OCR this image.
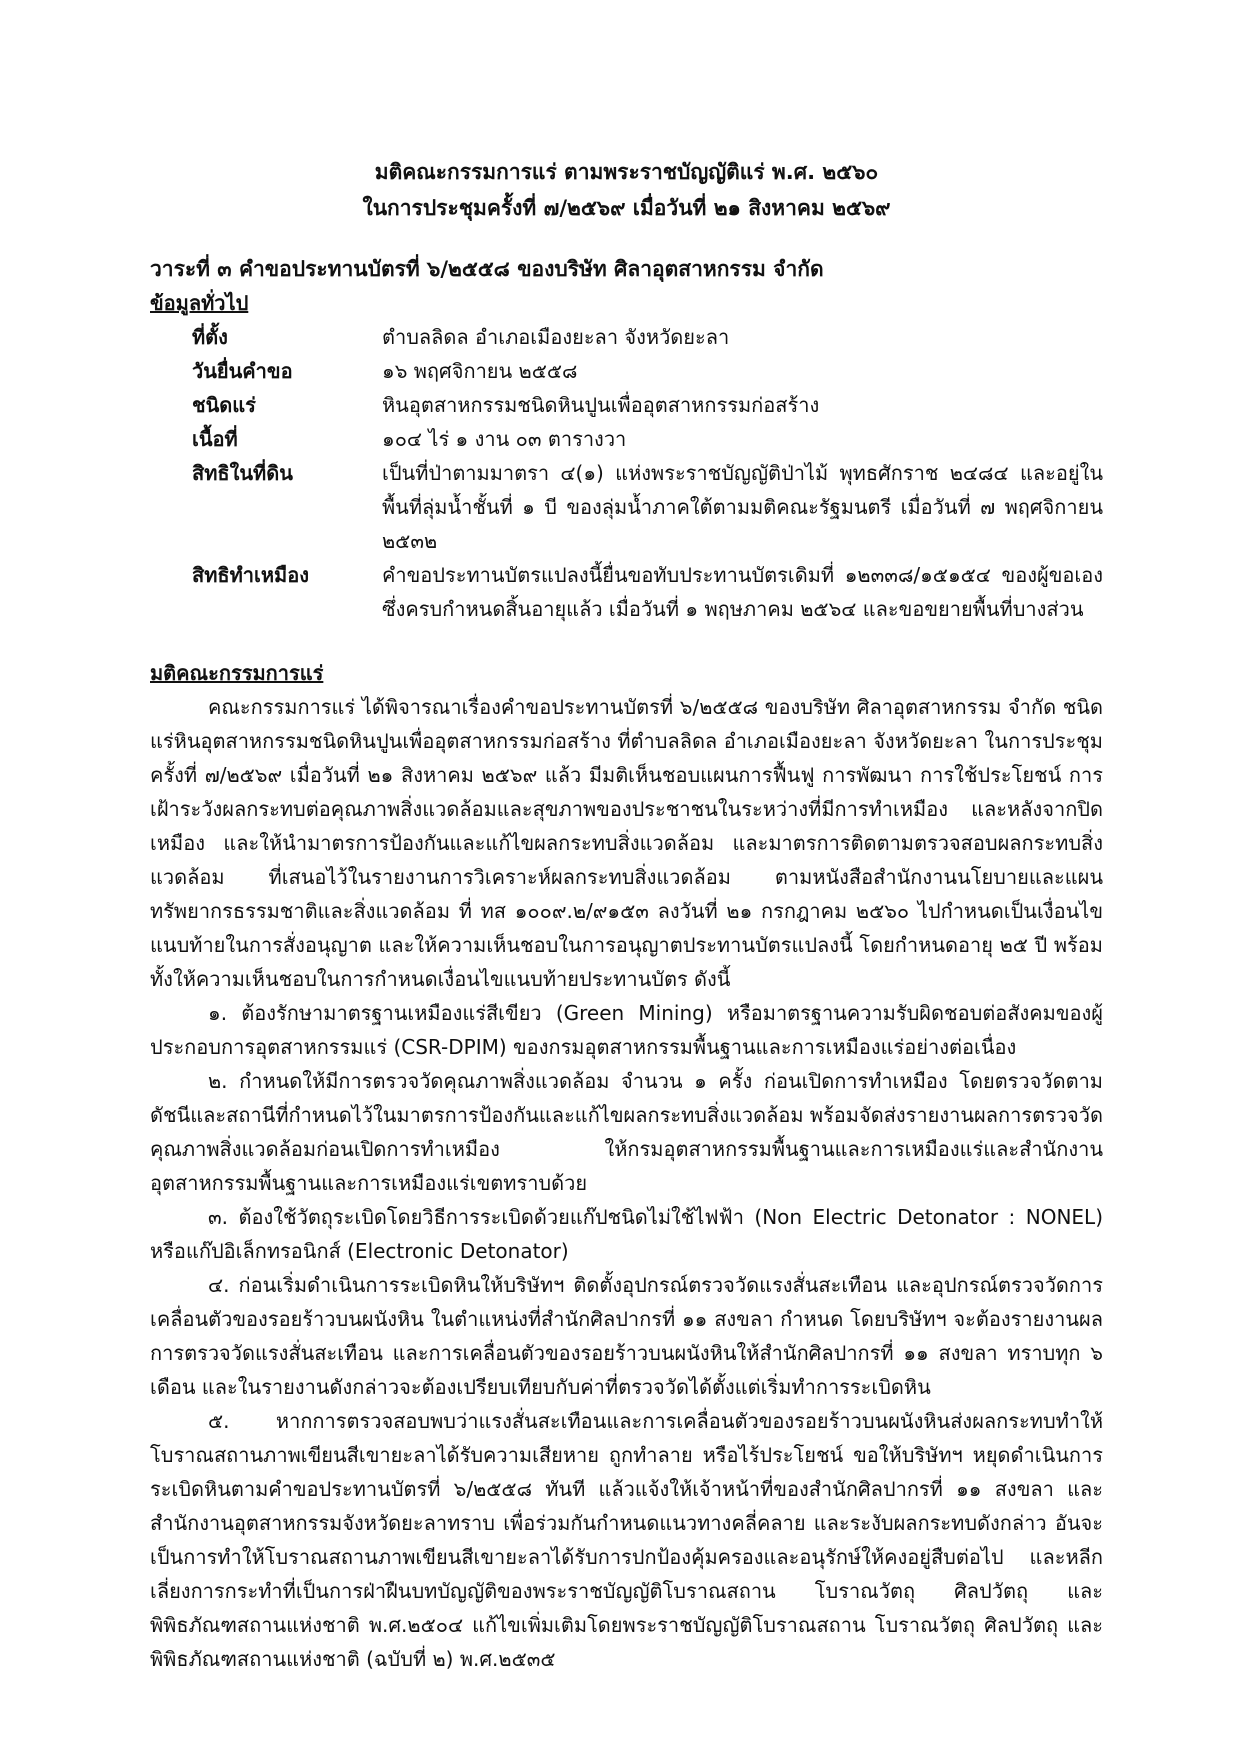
มติคณะกรรมการแร่ ตามพระราชบัญญัติแร่ พ.ศ. ๒๕๖๐
ในการประชุมครั้งที่ ๗/๒๕๖๙ เมื่อวันที่ ๒๑ สิงหาคม ๒๕๖๙
วาระที่ ๓ คำขอประทานบัตรที่ ๖/๒๕๕๘ ของบริษัท ศิลาอุตสาหกรรม จำกัด
ข้อมูลทั่วไป
ที่ตั้ง	ตำบลลิดล อำเภอเมืองยะลา จังหวัดยะลา
วันยื่นคำขอ	๑๖ พฤศจิกายน ๒๕๕๘
ชนิดแร่	หินอุตสาหกรรมชนิดหินปูนเพื่ออุตสาหกรรมก่อสร้าง
เนื้อที่	๑๐๔ ไร่ ๑ งาน ๐๓ ตารางวา
สิทธิในที่ดิน	เป็นที่ป่าตามมาตรา ๔(๑) แห่งพระราชบัญญัติป่าไม้ พุทธศักราช ๒๔๘๔ และอยู่ในพื้นที่ลุ่มน้ำชั้นที่ ๑ บี ของลุ่มน้ำภาคใต้ตามมติคณะรัฐมนตรี เมื่อวันที่ ๗ พฤศจิกายน ๒๕๓๒
สิทธิทำเหมือง	คำขอประทานบัตรแปลงนี้ยื่นขอทับประทานบัตรเดิมที่ ๑๒๓๓๘/๑๕๑๕๔ ของผู้ขอเอง ซึ่งครบกำหนดสิ้นอายุแล้ว เมื่อวันที่ ๑ พฤษภาคม ๒๕๖๔ และขอขยายพื้นที่บางส่วน
มติคณะกรรมการแร่

คณะกรรมการแร่ ได้พิจารณาเรื่องคำขอประทานบัตรที่ ๖/๒๕๕๘ ของบริษัท ศิลาอุตสาหกรรม จำกัด ชนิดแร่หินอุตสาหกรรมชนิดหินปูนเพื่ออุตสาหกรรมก่อสร้าง ที่ตำบลลิดล อำเภอเมืองยะลา จังหวัดยะลา ในการประชุมครั้งที่ ๗/๒๕๖๙ เมื่อวันที่ ๒๑ สิงหาคม ๒๕๖๙ แล้ว มีมติเห็นชอบแผนการฟื้นฟู การพัฒนา การใช้ประโยชน์ การเฝ้าระวังผลกระทบต่อคุณภาพสิ่งแวดล้อมและสุขภาพของประชาชนในระหว่างที่มีการทำเหมือง และหลังจากปิดเหมือง และให้นำมาตรการป้องกันและแก้ไขผลกระทบสิ่งแวดล้อม และมาตรการติดตามตรวจสอบผลกระทบสิ่งแวดล้อม ที่เสนอไว้ในรายงานการวิเคราะห์ผลกระทบสิ่งแวดล้อม ตามหนังสือสำนักงานนโยบายและแผนทรัพยากรธรรมชาติและสิ่งแวดล้อม ที่ ทส ๑๐๐๙.๒/๙๑๕๓ ลงวันที่ ๒๑ กรกฎาคม ๒๕๖๐ ไปกำหนดเป็นเงื่อนไขแนบท้ายในการสั่งอนุญาต และให้ความเห็นชอบในการอนุญาตประทานบัตรแปลงนี้ โดยกำหนดอายุ ๒๕ ปี พร้อมทั้งให้ความเห็นชอบในการกำหนดเงื่อนไขแนบท้ายประทานบัตร ดังนี้

๑. ต้องรักษามาตรฐานเหมืองแร่สีเขียว (Green Mining) หรือมาตรฐานความรับผิดชอบต่อสังคมของผู้ประกอบการอุตสาหกรรมแร่ (CSR-DPIM) ของกรมอุตสาหกรรมพื้นฐานและการเหมืองแร่อย่างต่อเนื่อง

๒. กำหนดให้มีการตรวจวัดคุณภาพสิ่งแวดล้อม จำนวน ๑ ครั้ง ก่อนเปิดการทำเหมือง โดยตรวจวัดตามดัชนีและสถานีที่กำหนดไว้ในมาตรการป้องกันและแก้ไขผลกระทบสิ่งแวดล้อม พร้อมจัดส่งรายงานผลการตรวจวัดคุณภาพสิ่งแวดล้อมก่อนเปิดการทำเหมือง ให้กรมอุตสาหกรรมพื้นฐานและการเหมืองแร่และสำนักงานอุตสาหกรรมพื้นฐานและการเหมืองแร่เขตทราบด้วย

๓. ต้องใช้วัตถุระเบิดโดยวิธีการระเบิดด้วยแก๊ปชนิดไม่ใช้ไฟฟ้า (Non Electric Detonator : NONEL) หรือแก๊ปอิเล็กทรอนิกส์ (Electronic Detonator)

๔. ก่อนเริ่มดำเนินการระเบิดหินให้บริษัทฯ ติดตั้งอุปกรณ์ตรวจวัดแรงสั่นสะเทือน และอุปกรณ์ตรวจวัดการเคลื่อนตัวของรอยร้าวบนผนังหิน ในตำแหน่งที่สำนักศิลปากรที่ ๑๑ สงขลา กำหนด โดยบริษัทฯ จะต้องรายงานผลการตรวจวัดแรงสั่นสะเทือน และการเคลื่อนตัวของรอยร้าวบนผนังหินให้สำนักศิลปากรที่ ๑๑ สงขลา ทราบทุก ๖ เดือน และในรายงานดังกล่าวจะต้องเปรียบเทียบกับค่าที่ตรวจวัดได้ตั้งแต่เริ่มทำการระเบิดหิน

๕. หากการตรวจสอบพบว่าแรงสั่นสะเทือนและการเคลื่อนตัวของรอยร้าวบนผนังหินส่งผลกระทบทำให้โบราณสถานภาพเขียนสีเขายะลาได้รับความเสียหาย ถูกทำลาย หรือไร้ประโยชน์ ขอให้บริษัทฯ หยุดดำเนินการระเบิดหินตามคำขอประทานบัตรที่ ๖/๒๕๕๘ ทันที แล้วแจ้งให้เจ้าหน้าที่ของสำนักศิลปากรที่ ๑๑ สงขลา และสำนักงานอุตสาหกรรมจังหวัดยะลาทราบ เพื่อร่วมกันกำหนดแนวทางคลี่คลาย และระงับผลกระทบดังกล่าว อันจะเป็นการทำให้โบราณสถานภาพเขียนสีเขายะลาได้รับการปกป้องคุ้มครองและอนุรักษ์ให้คงอยู่สืบต่อไป และหลีกเลี่ยงการกระทำที่เป็นการฝ่าฝืนบทบัญญัติของพระราชบัญญัติโบราณสถาน โบราณวัตถุ ศิลปวัตถุ และพิพิธภัณฑสถานแห่งชาติ พ.ศ.๒๕๐๔ แก้ไขเพิ่มเติมโดยพระราชบัญญัติโบราณสถาน โบราณวัตถุ ศิลปวัตถุ และพิพิธภัณฑสถานแห่งชาติ (ฉบับที่ ๒) พ.ศ.๒๕๓๕
